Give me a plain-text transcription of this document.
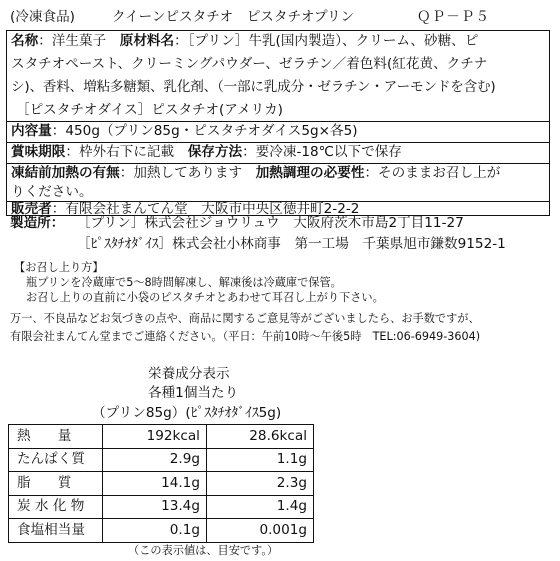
(冷凍食品)	クイーンピスタチオ　ピスタチオプリン	ＱＰ－Ｐ５
名称：洋生菓子　 原材料名：［プリン］牛乳(国内製造）、クリーム、砂糖、ピ
スタチオペースト、クリーミングパウダー、ゼラチン／着色料(紅花黄、クチナ
シ)、香料、増粘多糖類、乳化剤、（一部に乳成分・ゼラチン・アーモンドを含む)
［ピスタチオダイス］ピスタチオ(アメリカ)
内容量：450g（プリン85g・ピスタチオダイス5g×各5)
賞味期限：枠外右下に記載　 保存方法：要冷凍-18℃以下で保存
凍結前加熱の有無：加熱してあります　 加熱調理の必要性：そのままお召し上が
りください。
販売者：有限会社まんてん堂　大阪市中央区徳井町2-2-2
製造所： ［プリン］株式会社ジョウリュウ　大阪府茨木市島2丁目11-27
［ﾋﾟｽﾀﾁｵﾀﾞｲｽ］株式会社小林商事　第一工場　千葉県旭市鎌数9152-1
【お召し上り方】
瓶プリンを冷蔵庫で5～8時間解凍し、解凍後は冷蔵庫で保管。
お召し上りの直前に小袋のピスタチオとあわせて耳召し上がり下さい。
万一、不良品などお気づきの点や、商品に関するご意見等がございましたら、お手数ですが、
有限会社まんてん堂までご連絡ください。（平日：午前10時～午後5時　TEL:06-6949-3604)
栄養成分表示
各種1個当たり
（プリン85g）(ﾋﾟｽﾀﾁｵﾀﾞｲｽ5g)
熱　　量	192kcal	28.6kcal
たんぱく質	2.9g	1.1g
脂　　質	14.1g	2.3g
炭 水 化 物	13.4g	1.4g
食塩相当量	0.1g	0.001g
（この表示値は、目安です。）
